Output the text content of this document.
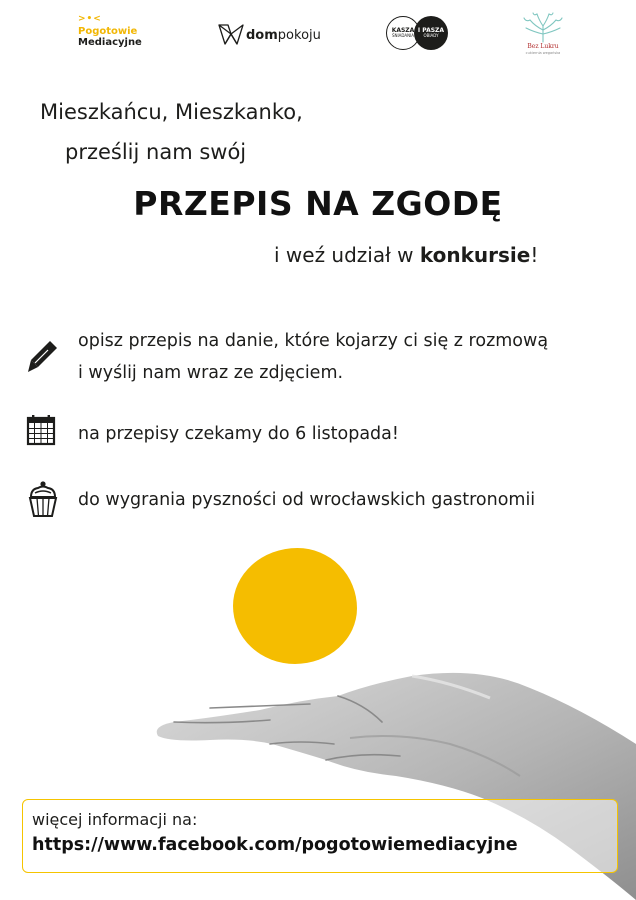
>•<
Pogotowie
Mediacyjne	dompokoju	KASZA
ŚNIADANIA
I PASZA
OBIADY
Bez Lukru
cukiernia wegańska
Mieszkańcu, Mieszkanko,
prześlij nam swój
PRZEPIS NA ZGODĘ
i weź udział w konkursie!
opisz przepis na danie, które kojarzy ci się z rozmową
i wyślij nam wraz ze zdjęciem.
na przepisy czekamy do 6 listopada!
do wygrania pyszności od wrocławskich gastronomii
więcej informacji na:
https://www.facebook.com/pogotowiemediacyjne
